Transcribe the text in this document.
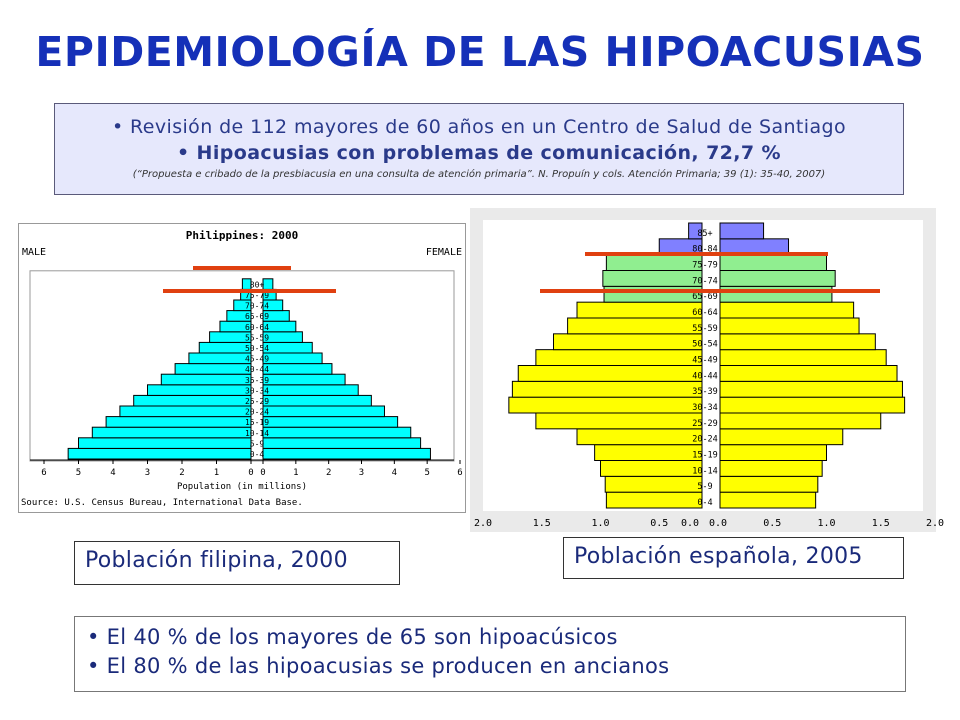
EPIDEMIOLOGÍA DE LAS HIPOACUSIAS
• Revisión de 112 mayores de 60 años en un Centro de Salud de Santiago
• Hipoacusias con problemas de comunicación, 72,7 %
(“Propuesta e cribado de la presbiacusia en una consulta de atención primaria”. N. Propuín y cols. Atención Primaria; 39 (1): 35-40, 2007)
Philippines: 2000
MALE	FEMALE
0-4
5-9
10-14
15-19
20-24
25-29
30-34
35-39
40-44
45-49
50-54
55-59
60-64
65-69
70-74
75-79
80+
6	5	4	3	2	1	0 0	1	2	3	4	5	6
Population (in millions)
Source: U.S. Census Bureau, International Data Base.	0-4
5-9
10-14
15-19
20-24
25-29
30-34
35-39
40-44
45-49
50-54
55-59
60-64
65-69
70-74
75-79
80-84
85+
2.0	1.5	1.0	0.5 0.0 0.0	0.5	1.0	1.5	2.0
Población filipina, 2000	Población española, 2005
• El 40 % de los mayores de 65 son hipoacúsicos
• El 80 % de las hipoacusias se producen en ancianos
